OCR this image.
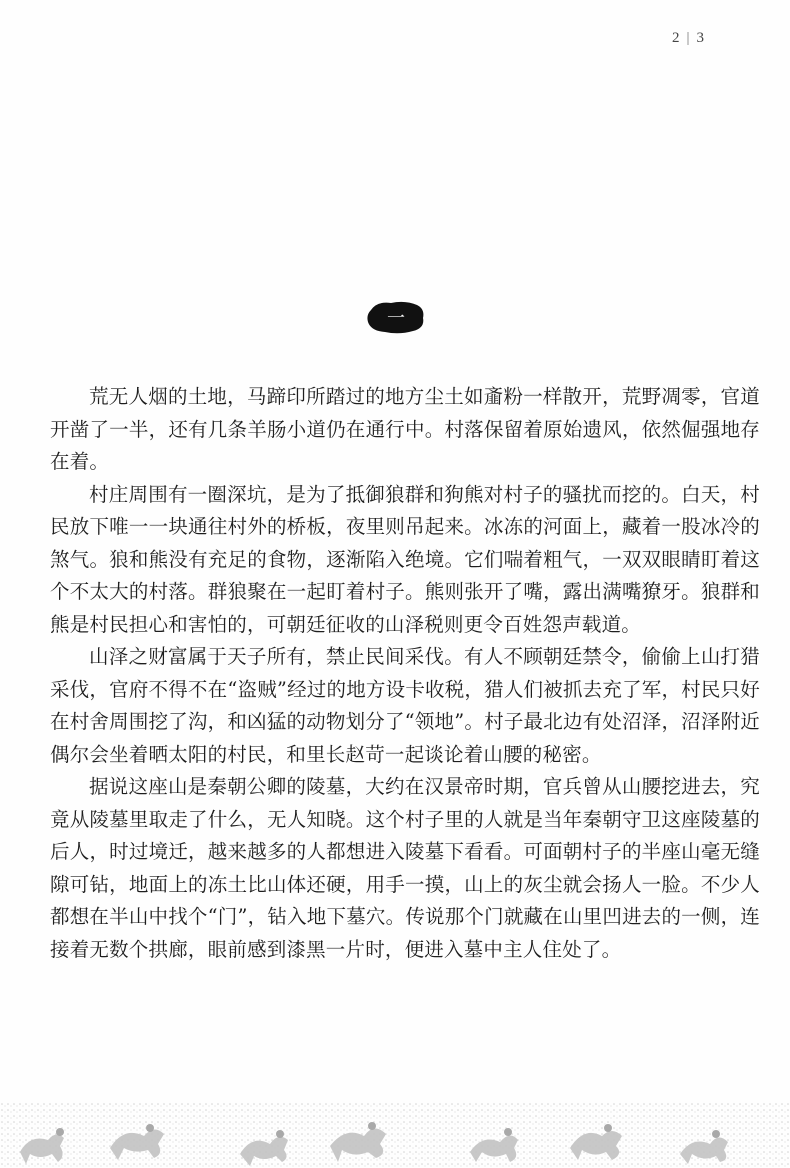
2 | 3
一

荒无人烟的土地，马蹄印所踏过的地方尘土如齑粉一样散开，荒野凋零，官道开凿了一半，还有几条羊肠小道仍在通行中。村落保留着原始遗风，依然倔强地存在着。

村庄周围有一圈深坑，是为了抵御狼群和狗熊对村子的骚扰而挖的。白天，村民放下唯一一块通往村外的桥板，夜里则吊起来。冰冻的河面上，藏着一股冰冷的煞气。狼和熊没有充足的食物，逐渐陷入绝境。它们喘着粗气，一双双眼睛盯着这个不太大的村落。群狼聚在一起盯着村子。熊则张开了嘴，露出满嘴獠牙。狼群和熊是村民担心和害怕的，可朝廷征收的山泽税则更令百姓怨声载道。

山泽之财富属于天子所有，禁止民间采伐。有人不顾朝廷禁令，偷偷上山打猎采伐，官府不得不在“盗贼”经过的地方设卡收税，猎人们被抓去充了军，村民只好在村舍周围挖了沟，和凶猛的动物划分了“领地”。村子最北边有处沼泽，沼泽附近偶尔会坐着晒太阳的村民，和里长赵苛一起谈论着山腰的秘密。

据说这座山是秦朝公卿的陵墓，大约在汉景帝时期，官兵曾从山腰挖进去，究竟从陵墓里取走了什么，无人知晓。这个村子里的人就是当年秦朝守卫这座陵墓的后人，时过境迁，越来越多的人都想进入陵墓下看看。可面朝村子的半座山毫无缝隙可钻，地面上的冻土比山体还硬，用手一摸，山上的灰尘就会扬人一脸。不少人都想在半山中找个“门”，钻入地下墓穴。传说那个门就藏在山里凹进去的一侧，连接着无数个拱廊，眼前感到漆黑一片时，便进入墓中主人住处了。
